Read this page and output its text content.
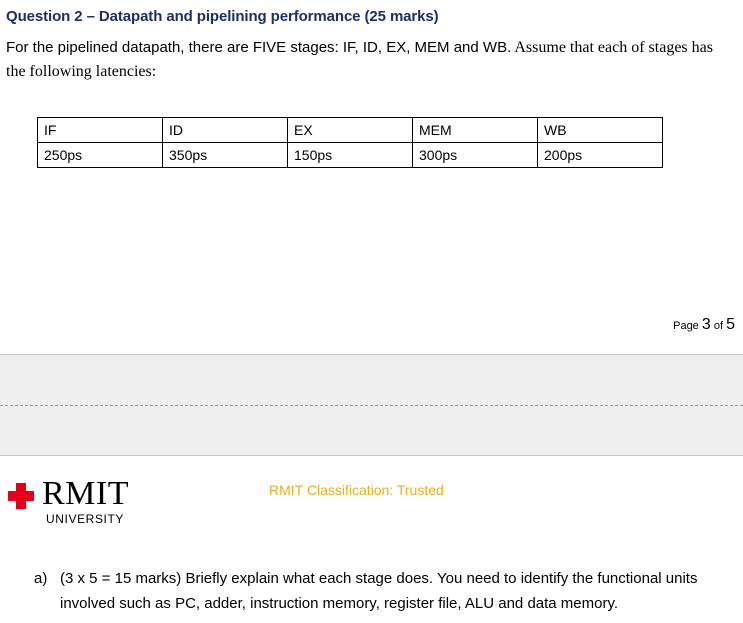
Question 2 – Datapath and pipelining performance (25 marks)
For the pipelined datapath, there are FIVE stages: IF, ID, EX, MEM and WB. Assume that each of stages has the following latencies:
IF	ID	EX	MEM	WB
250ps	350ps	150ps	300ps	200ps
Page 3 of 5
RMIT
UNIVERSITY
RMIT Classification: Trusted
a) (3 x 5 = 15 marks) Briefly explain what each stage does. You need to identify the functional units involved such as PC, adder, instruction memory, register file, ALU and data memory.
